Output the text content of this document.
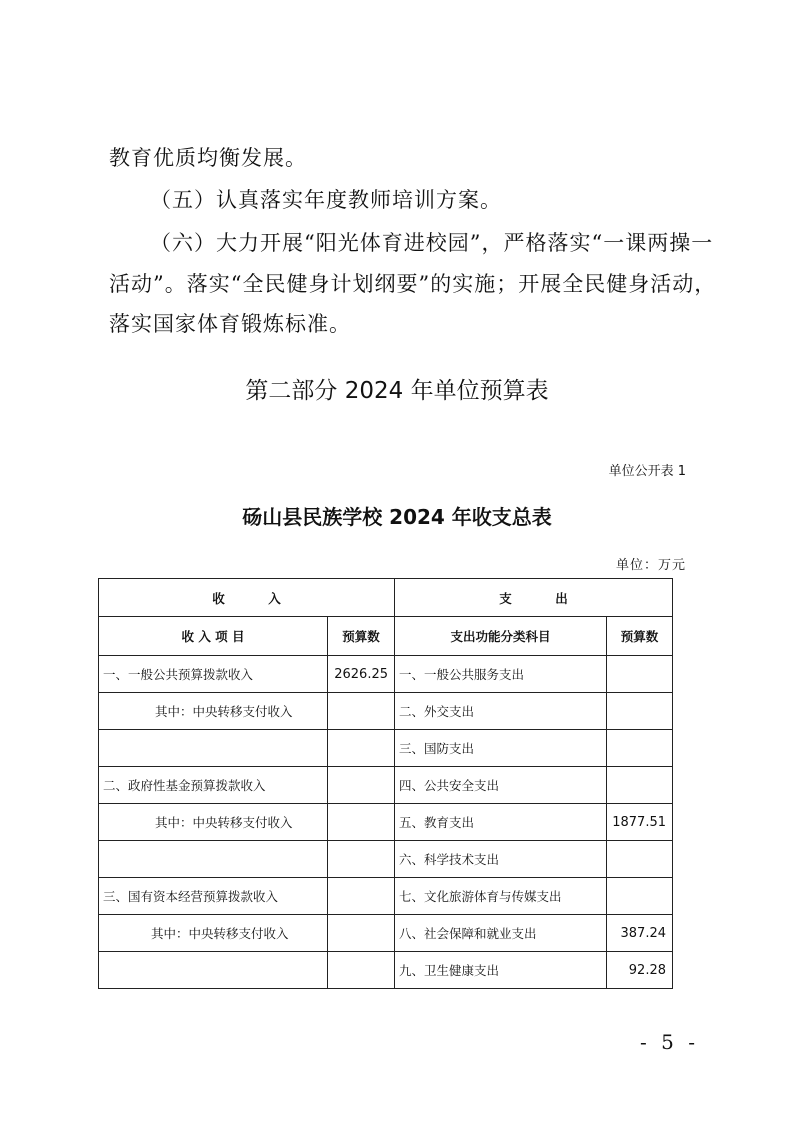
教育优质均衡发展。
（五）认真落实年度教师培训方案。
（六）大力开展“阳光体育进校园”，严格落实“一课两操一
活动”。落实“全民健身计划纲要”的实施；开展全民健身活动，
落实国家体育锻炼标准。
第二部分 2024 年单位预算表
单位公开表 1
砀山县民族学校 2024 年收支总表
单位：万元
收          入		支          出	
收 入 项 目	预算数	支出功能分类科目	预算数
一、一般公共预算拨款收入	2626.25	一、一般公共服务支出	
其中：中央转移支付收入		二、外交支出	
		三、国防支出	
二、政府性基金预算拨款收入		四、公共安全支出	
其中：中央转移支付收入		五、教育支出	1877.51
		六、科学技术支出	
三、国有资本经营预算拨款收入		七、文化旅游体育与传媒支出	
其中：中央转移支付收入		八、社会保障和就业支出	387.24
		九、卫生健康支出	92.28
- 5 -
